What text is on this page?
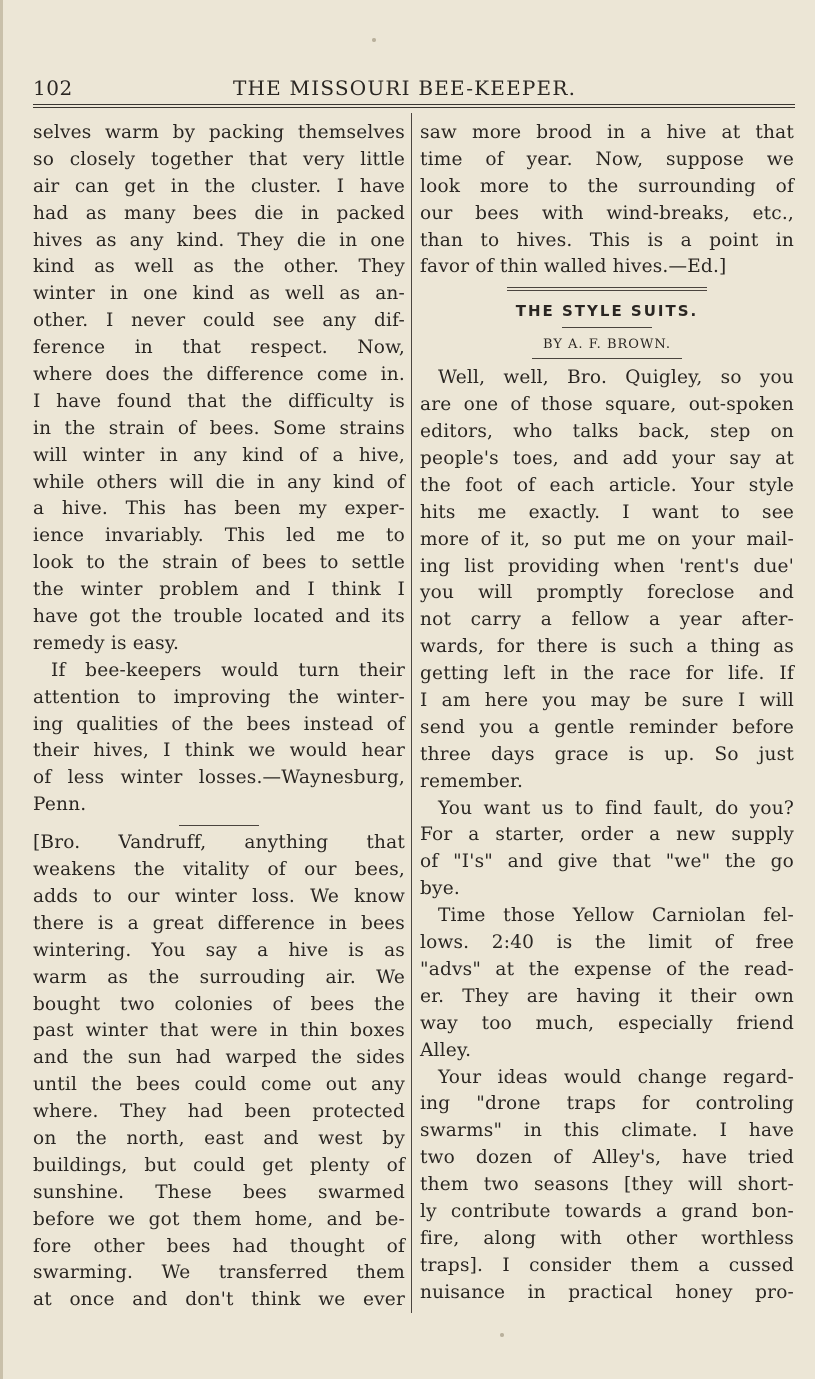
102	THE MISSOURI BEE-KEEPER.
selves warm by packing themselves
so closely together that very little
air can get in the cluster. I have
had as many bees die in packed
hives as any kind. They die in one
kind as well as the other. They
winter in one kind as well as an-
other. I never could see any dif-
ference in that respect. Now,
where does the difference come in.
I have found that the difficulty is
in the strain of bees. Some strains
will winter in any kind of a hive,
while others will die in any kind of
a hive. This has been my exper-
ience invariably. This led me to
look to the strain of bees to settle
the winter problem and I think I
have got the trouble located and its
remedy is easy.
If bee-keepers would turn their
attention to improving the winter-
ing qualities of the bees instead of
their hives, I think we would hear
of less winter losses.—Waynesburg,
Penn.
[Bro. Vandruff, anything that
weakens the vitality of our bees,
adds to our winter loss. We know
there is a great difference in bees
wintering. You say a hive is as
warm as the surrouding air. We
bought two colonies of bees the
past winter that were in thin boxes
and the sun had warped the sides
until the bees could come out any
where. They had been protected
on the north, east and west by
buildings, but could get plenty of
sunshine. These bees swarmed
before we got them home, and be-
fore other bees had thought of
swarming. We transferred them
at once and don't think we ever
saw more brood in a hive at that
time of year. Now, suppose we
look more to the surrounding of
our bees with wind-breaks, etc.,
than to hives. This is a point in
favor of thin walled hives.—Ed.]
THE STYLE SUITS.
BY A. F. BROWN.
Well, well, Bro. Quigley, so you
are one of those square, out-spoken
editors, who talks back, step on
people's toes, and add your say at
the foot of each article. Your style
hits me exactly. I want to see
more of it, so put me on your mail-
ing list providing when 'rent's due'
you will promptly foreclose and
not carry a fellow a year after-
wards, for there is such a thing as
getting left in the race for life. If
I am here you may be sure I will
send you a gentle reminder before
three days grace is up. So just
remember.
You want us to find fault, do you?
For a starter, order a new supply
of "I's" and give that "we" the go
bye.
Time those Yellow Carniolan fel-
lows. 2:40 is the limit of free
"advs" at the expense of the read-
er. They are having it their own
way too much, especially friend
Alley.
Your ideas would change regard-
ing "drone traps for controling
swarms" in this climate. I have
two dozen of Alley's, have tried
them two seasons [they will short-
ly contribute towards a grand bon-
fire, along with other worthless
traps]. I consider them a cussed
nuisance in practical honey pro-
